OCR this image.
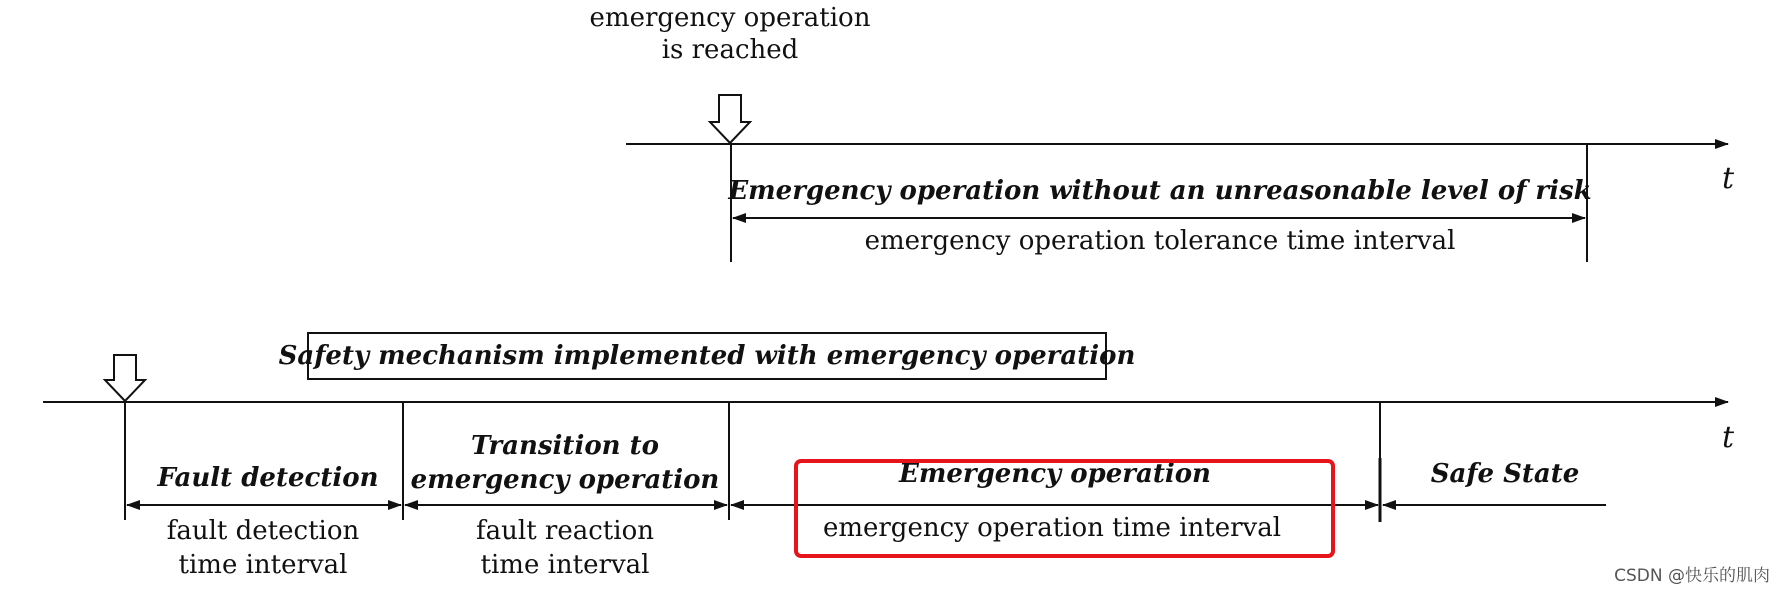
emergency operation
is reached
t
Emergency operation without an unreasonable level of risk
emergency operation tolerance time interval
Safety mechanism implemented with emergency operation
t
Fault detection
fault detection
time interval
Transition to
emergency operation
fault reaction
time interval
Emergency operation
emergency operation time interval
Safe State
CSDN @快乐的肌肉
